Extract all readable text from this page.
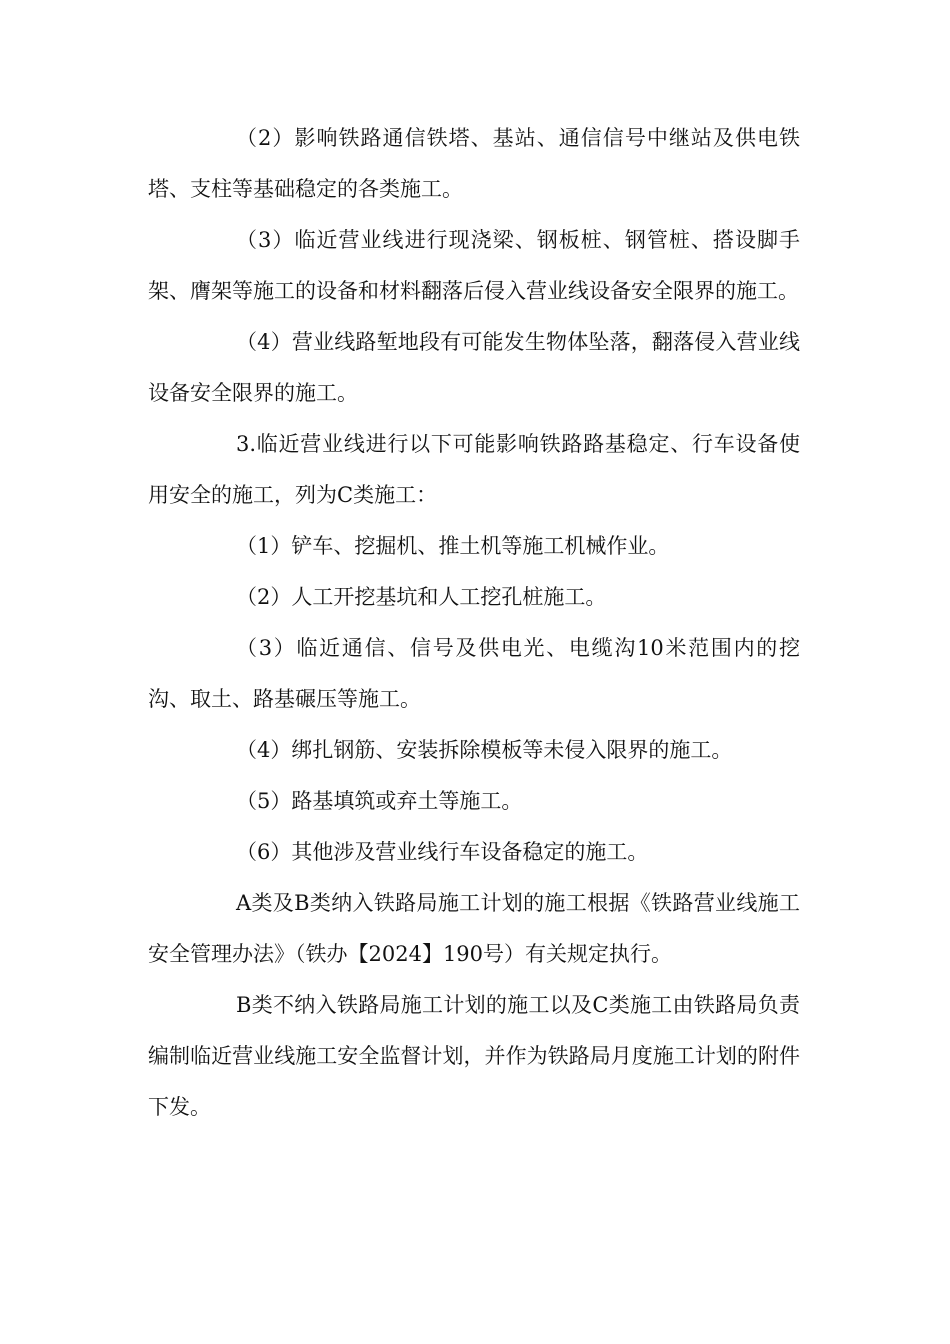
（2）影响铁路通信铁塔、基站、通信信号中继站及供电铁塔、支柱等基础稳定的各类施工。

（3）临近营业线进行现浇梁、钢板桩、钢管桩、搭设脚手架、膺架等施工的设备和材料翻落后侵入营业线设备安全限界的施工。

（4）营业线路堑地段有可能发生物体坠落，翻落侵入营业线设备安全限界的施工。

3.临近营业线进行以下可能影响铁路路基稳定、行车设备使用安全的施工，列为C类施工：

（1）铲车、挖掘机、推土机等施工机械作业。

（2）人工开挖基坑和人工挖孔桩施工。

（3）临近通信、信号及供电光、电缆沟10米范围内的挖沟、取土、路基碾压等施工。

（4）绑扎钢筋、安装拆除模板等未侵入限界的施工。

（5）路基填筑或弃土等施工。

（6）其他涉及营业线行车设备稳定的施工。

A类及B类纳入铁路局施工计划的施工根据《铁路营业线施工安全管理办法》（铁办【2024】190号）有关规定执行。

B类不纳入铁路局施工计划的施工以及C类施工由铁路局负责编制临近营业线施工安全监督计划，并作为铁路局月度施工计划的附件下发。
